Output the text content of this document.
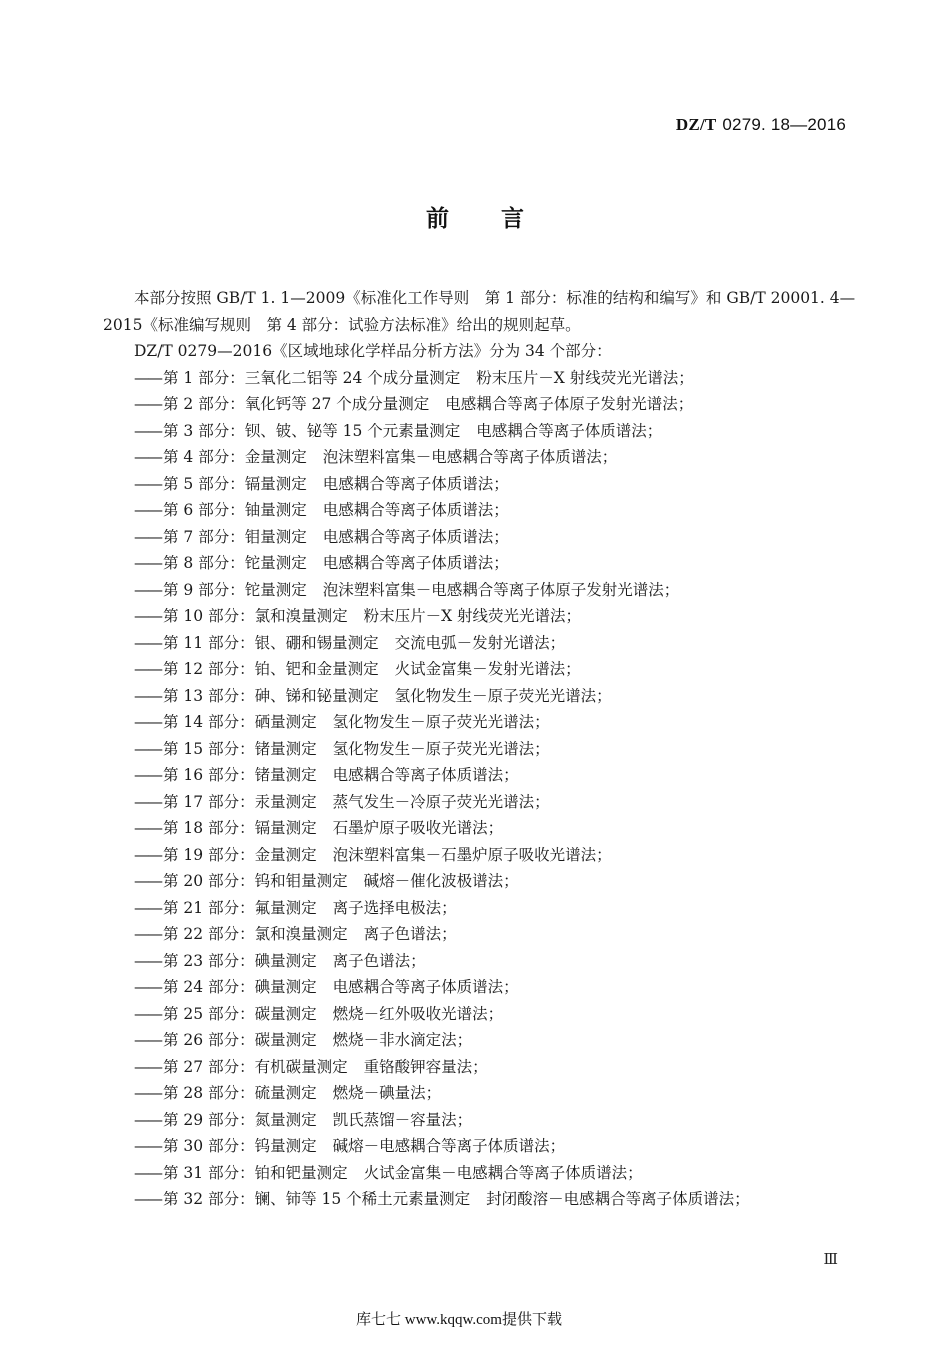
DZ/T 0279. 18—2016
前言

本部分按照 GB/T 1. 1—2009《标准化工作导则　第 1 部分：标准的结构和编写》和 GB/T 20001. 4—

2015《标准编写规则　第 4 部分：试验方法标准》给出的规则起草。

DZ/T 0279—2016《区域地球化学样品分析方法》分为 34 个部分：

—— 第 1 部分：三氧化二铝等 24 个成分量测定 粉末压片－X 射线荧光光谱法；
—— 第 2 部分：氧化钙等 27 个成分量测定 电感耦合等离子体原子发射光谱法；
—— 第 3 部分：钡、铍、铋等 15 个元素量测定 电感耦合等离子体质谱法；
—— 第 4 部分：金量测定 泡沫塑料富集－电感耦合等离子体质谱法；
—— 第 5 部分：镉量测定 电感耦合等离子体质谱法；
—— 第 6 部分：铀量测定 电感耦合等离子体质谱法；
—— 第 7 部分：钼量测定 电感耦合等离子体质谱法；
—— 第 8 部分：铊量测定 电感耦合等离子体质谱法；
—— 第 9 部分：铊量测定 泡沫塑料富集－电感耦合等离子体原子发射光谱法；
—— 第 10 部分：氯和溴量测定 粉末压片－X 射线荧光光谱法；
—— 第 11 部分：银、硼和锡量测定 交流电弧－发射光谱法；
—— 第 12 部分：铂、钯和金量测定 火试金富集－发射光谱法；
—— 第 13 部分：砷、锑和铋量测定 氢化物发生－原子荧光光谱法；
—— 第 14 部分：硒量测定 氢化物发生－原子荧光光谱法；
—— 第 15 部分：锗量测定 氢化物发生－原子荧光光谱法；
—— 第 16 部分：锗量测定 电感耦合等离子体质谱法；
—— 第 17 部分：汞量测定 蒸气发生－冷原子荧光光谱法；
—— 第 18 部分：镉量测定 石墨炉原子吸收光谱法；
—— 第 19 部分：金量测定 泡沫塑料富集－石墨炉原子吸收光谱法；
—— 第 20 部分：钨和钼量测定 碱熔－催化波极谱法；
—— 第 21 部分：氟量测定 离子选择电极法；
—— 第 22 部分：氯和溴量测定 离子色谱法；
—— 第 23 部分：碘量测定 离子色谱法；
—— 第 24 部分：碘量测定 电感耦合等离子体质谱法；
—— 第 25 部分：碳量测定 燃烧－红外吸收光谱法；
—— 第 26 部分：碳量测定 燃烧－非水滴定法；
—— 第 27 部分：有机碳量测定 重铬酸钾容量法；
—— 第 28 部分：硫量测定 燃烧－碘量法；
—— 第 29 部分：氮量测定 凯氏蒸馏－容量法；
—— 第 30 部分：钨量测定 碱熔－电感耦合等离子体质谱法；
—— 第 31 部分：铂和钯量测定 火试金富集－电感耦合等离子体质谱法；
—— 第 32 部分：镧、铈等 15 个稀土元素量测定 封闭酸溶－电感耦合等离子体质谱法；
Ⅲ
库七七 www.kqqw.com提供下载
